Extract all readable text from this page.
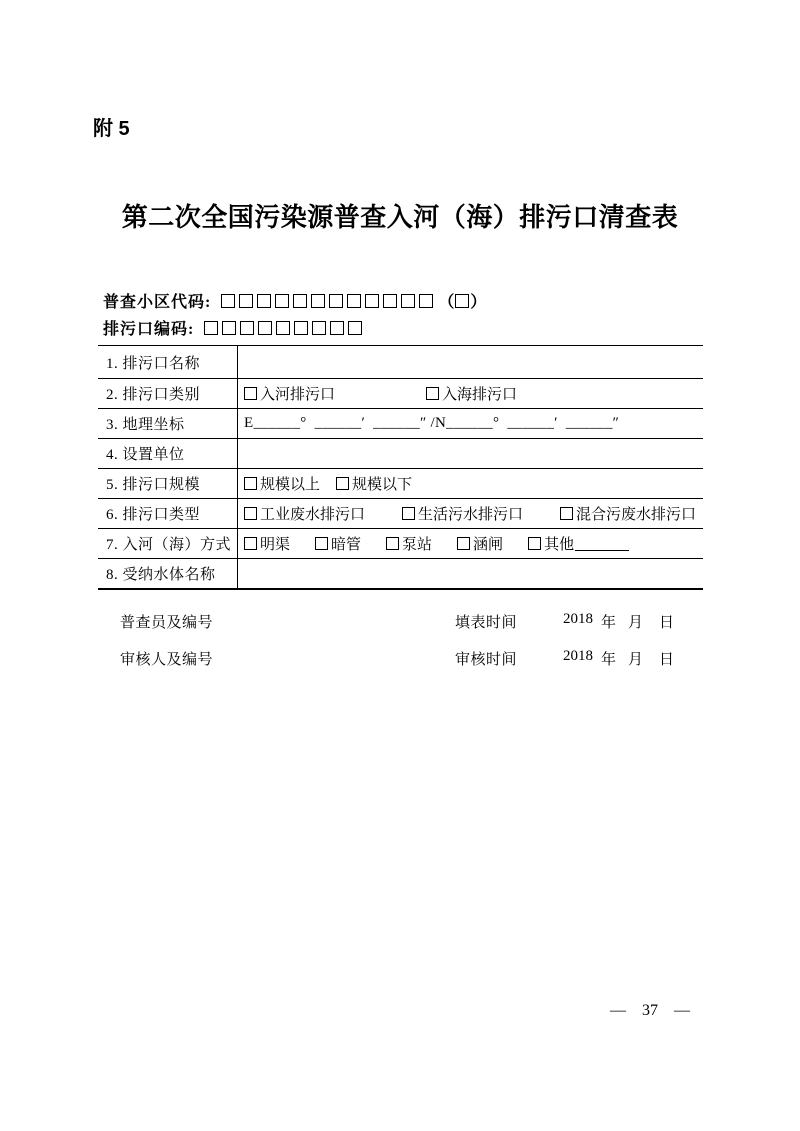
附 5
第二次全国污染源普查入河（海）排污口清查表
普查小区代码:	（ ）
排污口编码:
1. 排污口名称	
2. 排污口类别	入河排污口 入海排污口

3. 地理坐标	E______°  ______′  ______″ /N______°  ______′  ______″
4. 设置单位	
5. 排污口规模	规模以上 规模以下

6. 排污口类型	工业废水排污口 生活污水排污口 混合污废水排污口

7. 入河（海）方式	明渠 暗管 泵站 涵闸 其他

8. 受纳水体名称	
普查员及编号	填表时间	2018 年 月 日
审核人及编号	审核时间	2018 年 月 日
— 37 —
